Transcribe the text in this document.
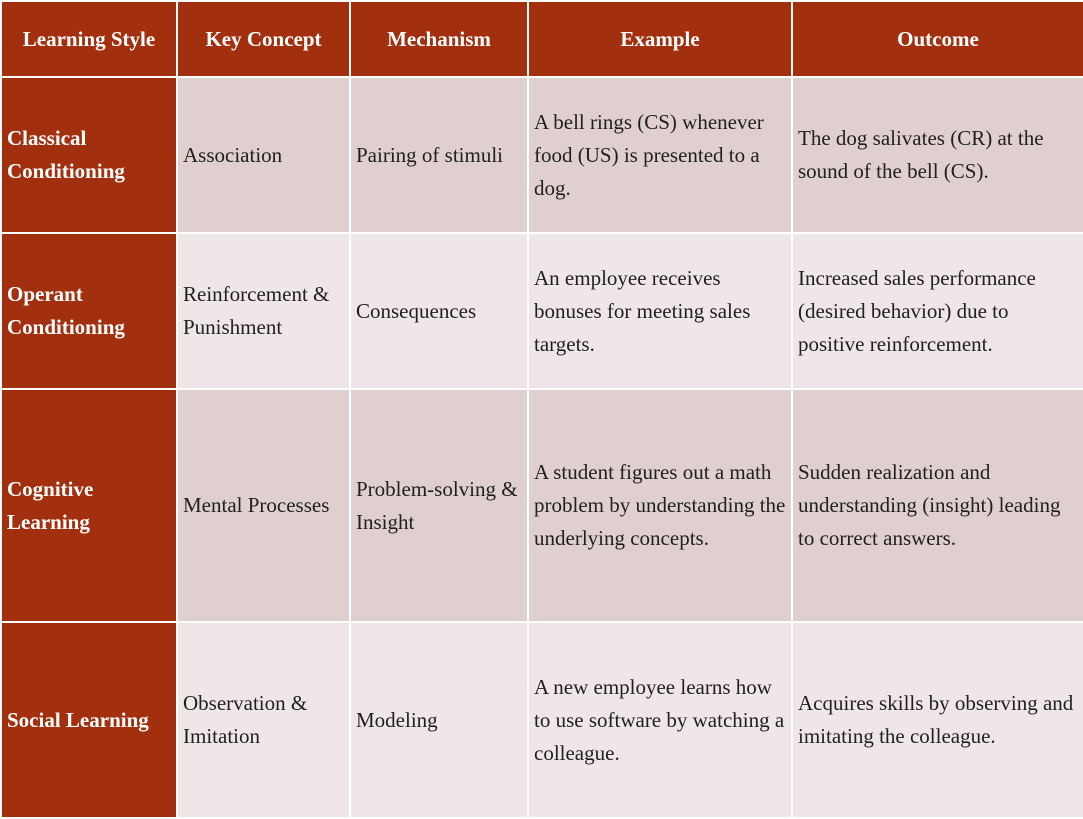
Learning Style	Key Concept	Mechanism	Example	Outcome
Classical Conditioning	Association	Pairing of stimuli	A bell rings (CS) whenever food (US) is presented to a dog.	The dog salivates (CR) at the sound of the bell (CS).
Operant Conditioning	Reinforcement & Punishment	Consequences	An employee receives bonuses for meeting sales targets.	Increased sales performance (desired behavior) due to positive reinforcement.
Cognitive Learning	Mental Processes	Problem-solving & Insight	A student figures out a math problem by understanding the underlying concepts.	Sudden realization and understanding (insight) leading to correct answers.
Social Learning	Observation & Imitation	Modeling	A new employee learns how to use software by watching a colleague.	Acquires skills by observing and imitating the colleague.
